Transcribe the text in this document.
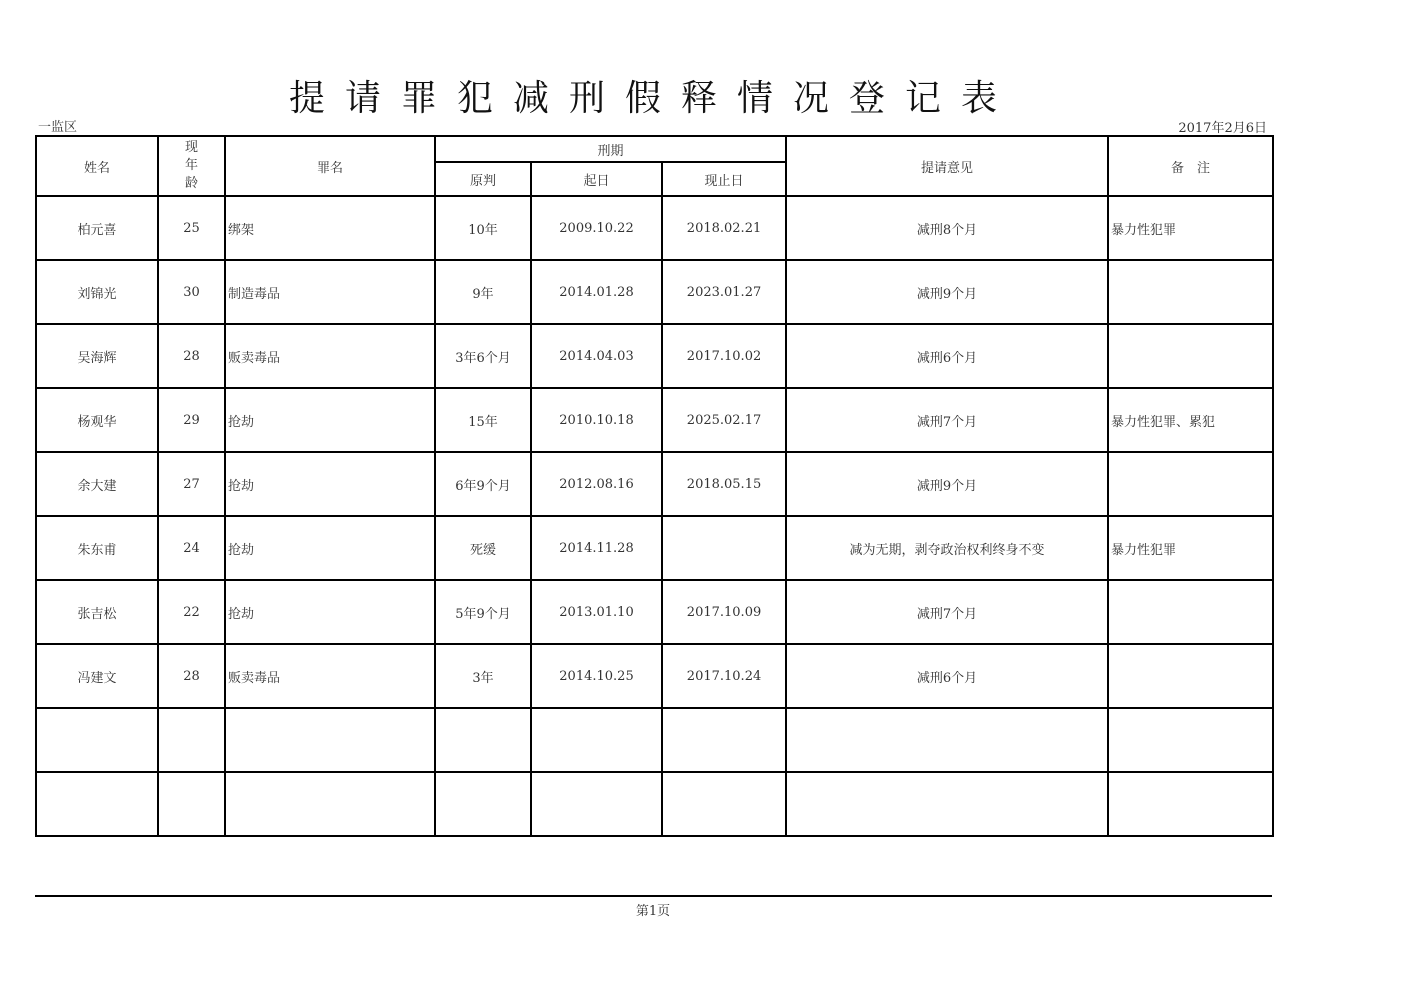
提请罪犯减刑假释情况登记表
一监区	2017年2月6日
姓名	现年龄	罪名	刑期			提请意见	备　注
			原判	起日	现止日		
柏元喜	25	绑架	10年	2009.10.22	2018.02.21	减刑8个月	暴力性犯罪
刘锦光	30	制造毒品	9年	2014.01.28	2023.01.27	减刑9个月	
吴海辉	28	贩卖毒品	3年6个月	2014.04.03	2017.10.02	减刑6个月	
杨观华	29	抢劫	15年	2010.10.18	2025.02.17	减刑7个月	暴力性犯罪、累犯
余大建	27	抢劫	6年9个月	2012.08.16	2018.05.15	减刑9个月	
朱东甫	24	抢劫	死缓	2014.11.28		减为无期，剥夺政治权利终身不变	暴力性犯罪
张吉松	22	抢劫	5年9个月	2013.01.10	2017.10.09	减刑7个月	
冯建文	28	贩卖毒品	3年	2014.10.25	2017.10.24	减刑6个月	

第1页
